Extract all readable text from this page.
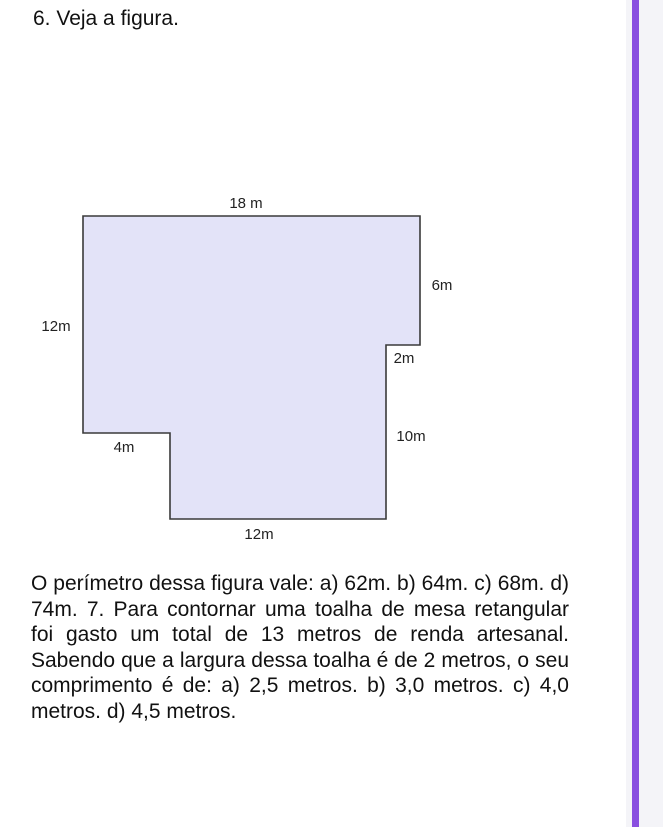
6. Veja a figura.
18 m
12m
6m
2m
10m
4m
12m

O perímetro dessa figura vale: a) 62m. b) 64m. c) 68m. d) 74m. 7. Para contornar uma toalha de mesa retangular foi gasto um total de 13 metros de renda artesanal. Sabendo que a largura dessa toalha é de 2 metros, o seu comprimento é de: a) 2,5 metros. b) 3,0 metros. c) 4,0 metros. d) 4,5 metros.
